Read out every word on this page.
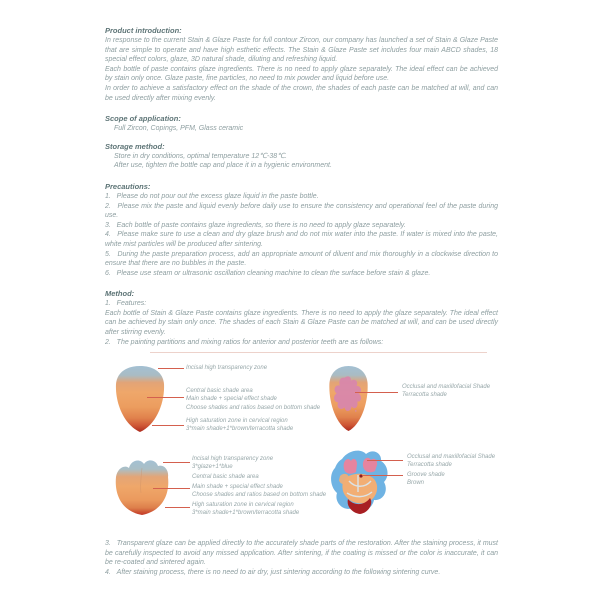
Product introduction:

In response to the current Stain & Glaze Paste for full contour Zircon, our company has launched a set of Stain & Glaze Paste that are simple to operate and have high esthetic effects. The Stain & Glaze Paste set includes four main ABCD shades, 18 special effect colors, glaze, 3D natural shade, diluting and refreshing liquid.

Each bottle of paste contains glaze ingredients. There is no need to apply glaze separately. The ideal effect can be achieved by stain only once. Glaze paste, fine particles, no need to mix powder and liquid before use.

In order to achieve a satisfactory effect on the shade of the crown, the shades of each paste can be matched at will, and can be used directly after mixing evenly.

Scope of application:

Full Zircon, Copings, PFM, Glass ceramic

Storage method:

Store in dry conditions, optimal temperature 12℃-38℃.

After use, tighten the bottle cap and place it in a hygienic environment.

Precautions:

1.   Please do not pour out the excess glaze liquid in the paste bottle.

2.   Please mix the paste and liquid evenly before daily use to ensure the consistency and operational feel of the paste during use.

3.   Each bottle of paste contains glaze ingredients, so there is no need to apply glaze separately.

4.   Please make sure to use a clean and dry glaze brush and do not mix water into the paste. If water is mixed into the paste, white mist particles will be produced after sintering.

5.   During the paste preparation process, add an appropriate amount of diluent and mix thoroughly in a clockwise direction to ensure that there are no bubbles in the paste.

6.   Please use steam or ultrasonic oscillation cleaning machine to clean the surface before stain & glaze.

Method:

1.   Features:

Each bottle of Stain & Glaze Paste contains glaze ingredients. There is no need to apply the glaze separately. The ideal effect can be achieved by stain only once. The shades of each Stain & Glaze Paste can be matched at will, and can be used directly after stirring evenly.

2.   The painting partitions and mixing ratios for anterior and posterior teeth are as follows:

Incisal high transparency zone
Central basic shade area
Main shade + special effect shade
Choose shades and ratios based on bottom shade
High saturation zone in cervical region
3*main shade+1*brown/terracotta shade
Occlusal and maxillofacial Shade
Terracotta shade
Incisal high transparency zone
3*glaze+1*blue
Central basic shade area
Main shade + special effect shade
Choose shades and ratios based on bottom shade
High saturation zone in cervical region
3*main shade+1*brown/terracotta shade
Occlusal and maxillofacial Shade
Terracotta shade
Groove shade
Brown

3.   Transparent glaze can be applied directly to the accurately shade parts of the restoration. After the staining process, it must be carefully inspected to avoid any missed application. After sintering, if the coating is missed or the color is inaccurate, it can be re-coated and sintered again.

4.   After staining process, there is no need to air dry, just sintering according to the following sintering curve.
